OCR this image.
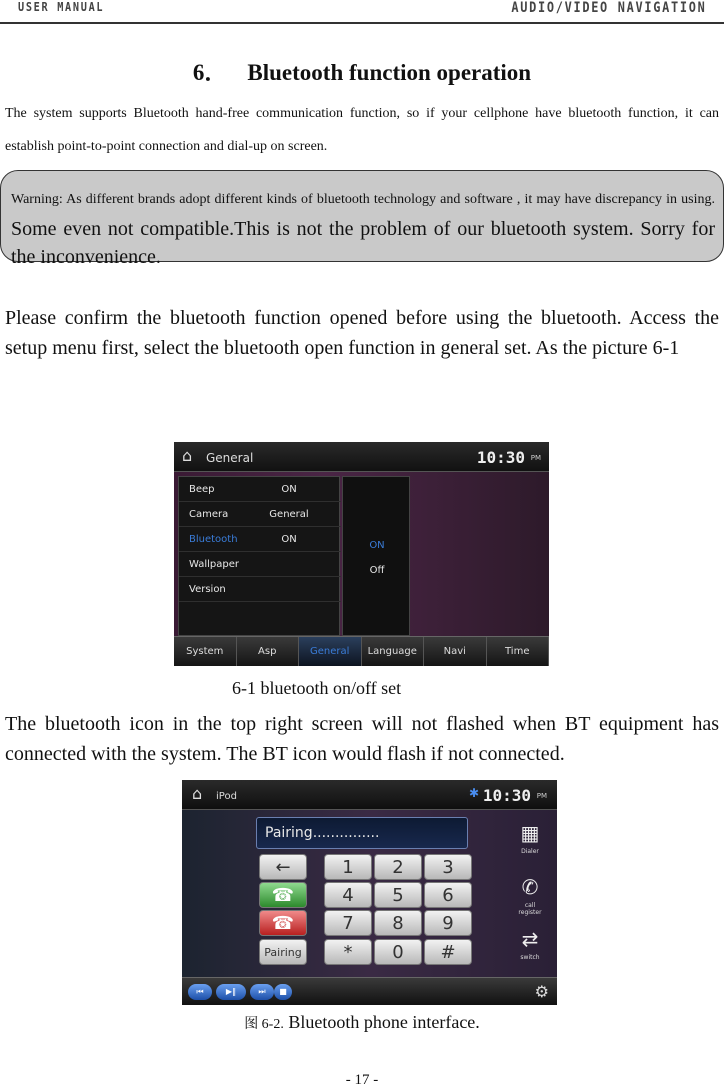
USER MANUAL	AUDIO/VIDEO NAVIGATION
6． Bluetooth function operation

The system supports Bluetooth hand-free communication function, so if your cellphone have bluetooth function, it can establish point-to-point connection and dial-up on screen.

Warning: As different brands adopt different kinds of bluetooth technology and software , it may have discrepancy in using. Some even not compatible.This is not the problem of our bluetooth system. Sorry for the inconvenience.

Please confirm the bluetooth function opened before using the bluetooth. Access the setup menu first, select the bluetooth open function in general set. As the picture 6-1

⌂	General	10:30 PM
Beep	ON
Camera	General
Bluetooth	ON
Wallpaper
Version
ON
Off
System	Asp	General	Language	Navi	Time
6-1 bluetooth on/off set

The bluetooth icon in the top right screen will not flashed when BT equipment has connected with the system. The BT icon would flash if not connected.

⌂ iPod	✱ 10:30 PM
Pairing...............
←	1	2	3
☎	4	5	6
☎	7	8	9
Pairing	*	0	#
▦
Dialer
✆
call register
⇄
switch
⏮	▶‖	⏭	■	⚙
图 6-2. Bluetooth phone interface.
- 17 -
